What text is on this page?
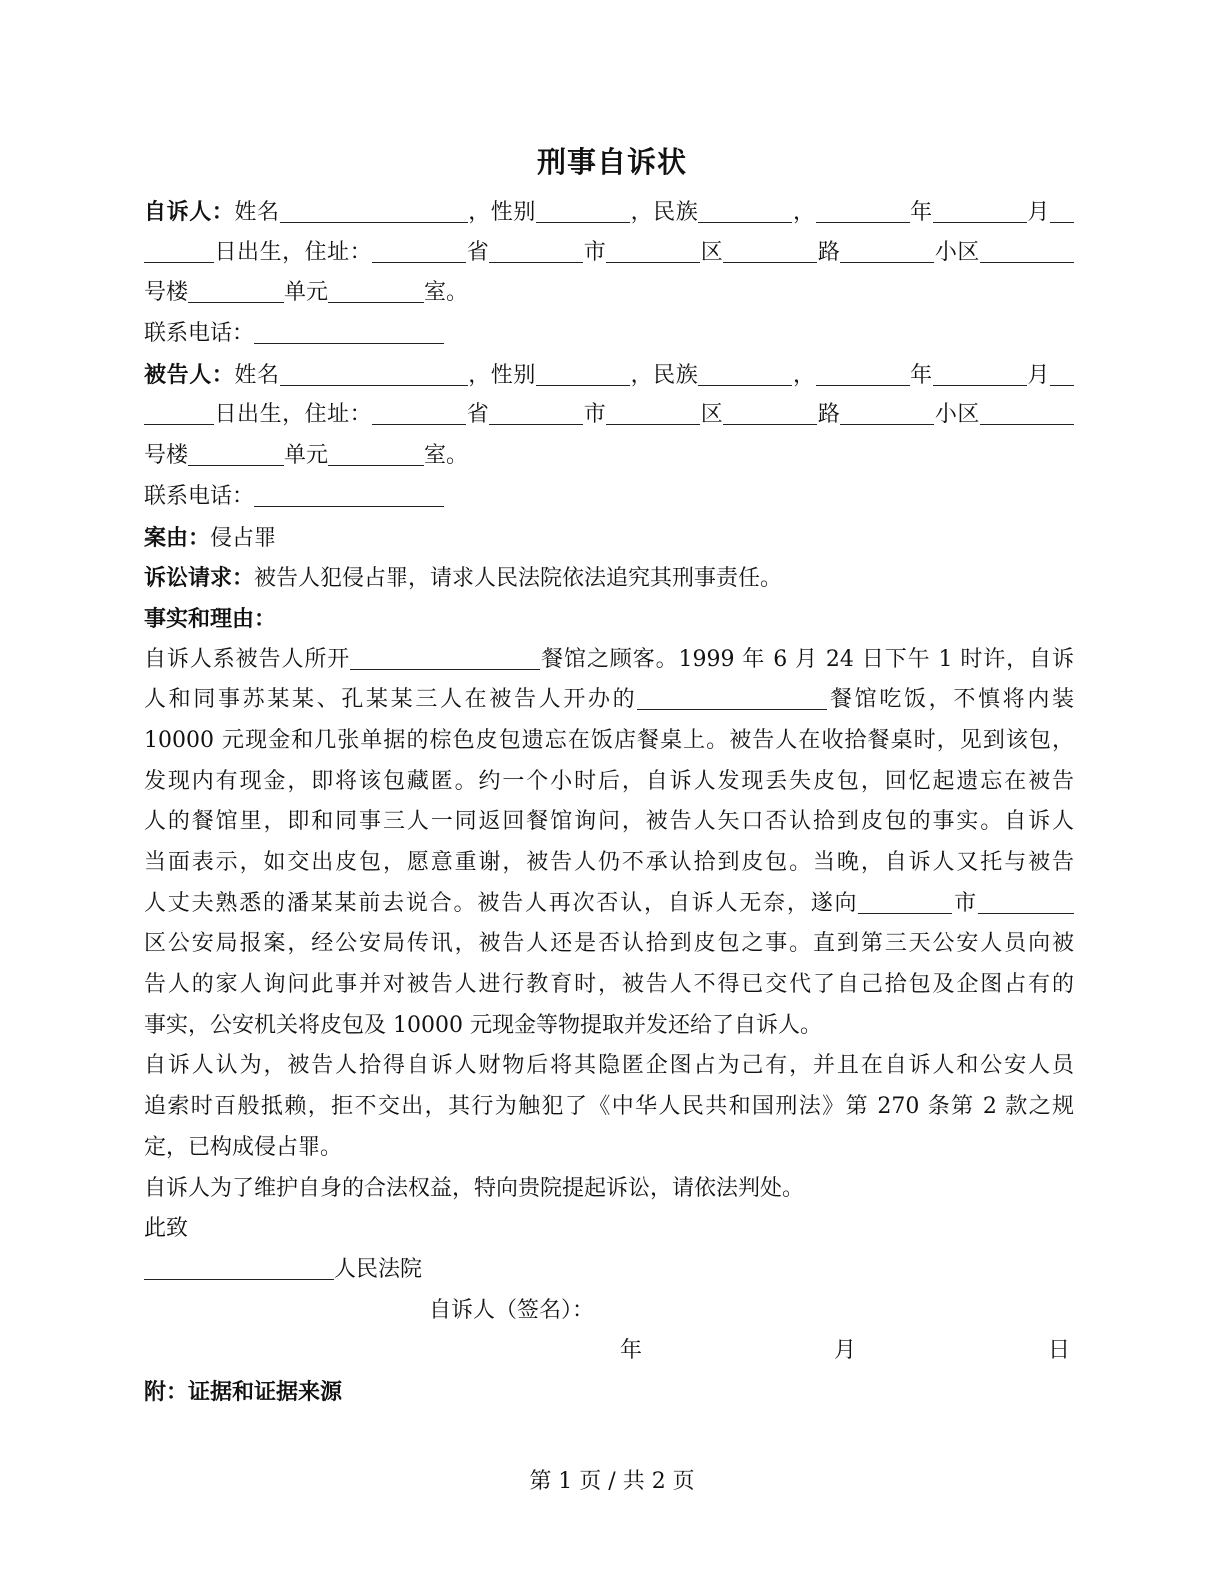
刑事自诉状
自诉人：姓名	，性别	，民族	，	年	月
日出生，住址：	省	市	区	路	小区
号楼	单元	室。
联系电话：
被告人：姓名	，性别	，民族	，	年	月
日出生，住址：	省	市	区	路	小区
号楼	单元	室。
联系电话：
案由：侵占罪
诉讼请求：被告人犯侵占罪，请求人民法院依法追究其刑事责任。
事实和理由：
自诉人系被告人所开	餐馆之顾客。1999 年 6 月 24 日下午 1 时许，自诉
人和同事苏某某、孔某某三人在被告人开办的	餐馆吃饭，不慎将内装
10000 元现金和几张单据的棕色皮包遗忘在饭店餐桌上。被告人在收拾餐桌时，见到该包，
发现内有现金，即将该包藏匿。约一个小时后，自诉人发现丢失皮包，回忆起遗忘在被告
人的餐馆里，即和同事三人一同返回餐馆询问，被告人矢口否认拾到皮包的事实。自诉人
当面表示，如交出皮包，愿意重谢，被告人仍不承认拾到皮包。当晚，自诉人又托与被告
人丈夫熟悉的潘某某前去说合。被告人再次否认，自诉人无奈，遂向	市
区公安局报案，经公安局传讯，被告人还是否认拾到皮包之事。直到第三天公安人员向被
告人的家人询问此事并对被告人进行教育时，被告人不得已交代了自己拾包及企图占有的
事实，公安机关将皮包及 10000 元现金等物提取并发还给了自诉人。
自诉人认为，被告人拾得自诉人财物后将其隐匿企图占为己有，并且在自诉人和公安人员
追索时百般抵赖，拒不交出，其行为触犯了《中华人民共和国刑法》第 270 条第 2 款之规
定，已构成侵占罪。
自诉人为了维护自身的合法权益，特向贵院提起诉讼，请依法判处。
此致
人民法院
自诉人（签名）：
年	月	日
附：证据和证据来源
第 1 页 / 共 2 页
